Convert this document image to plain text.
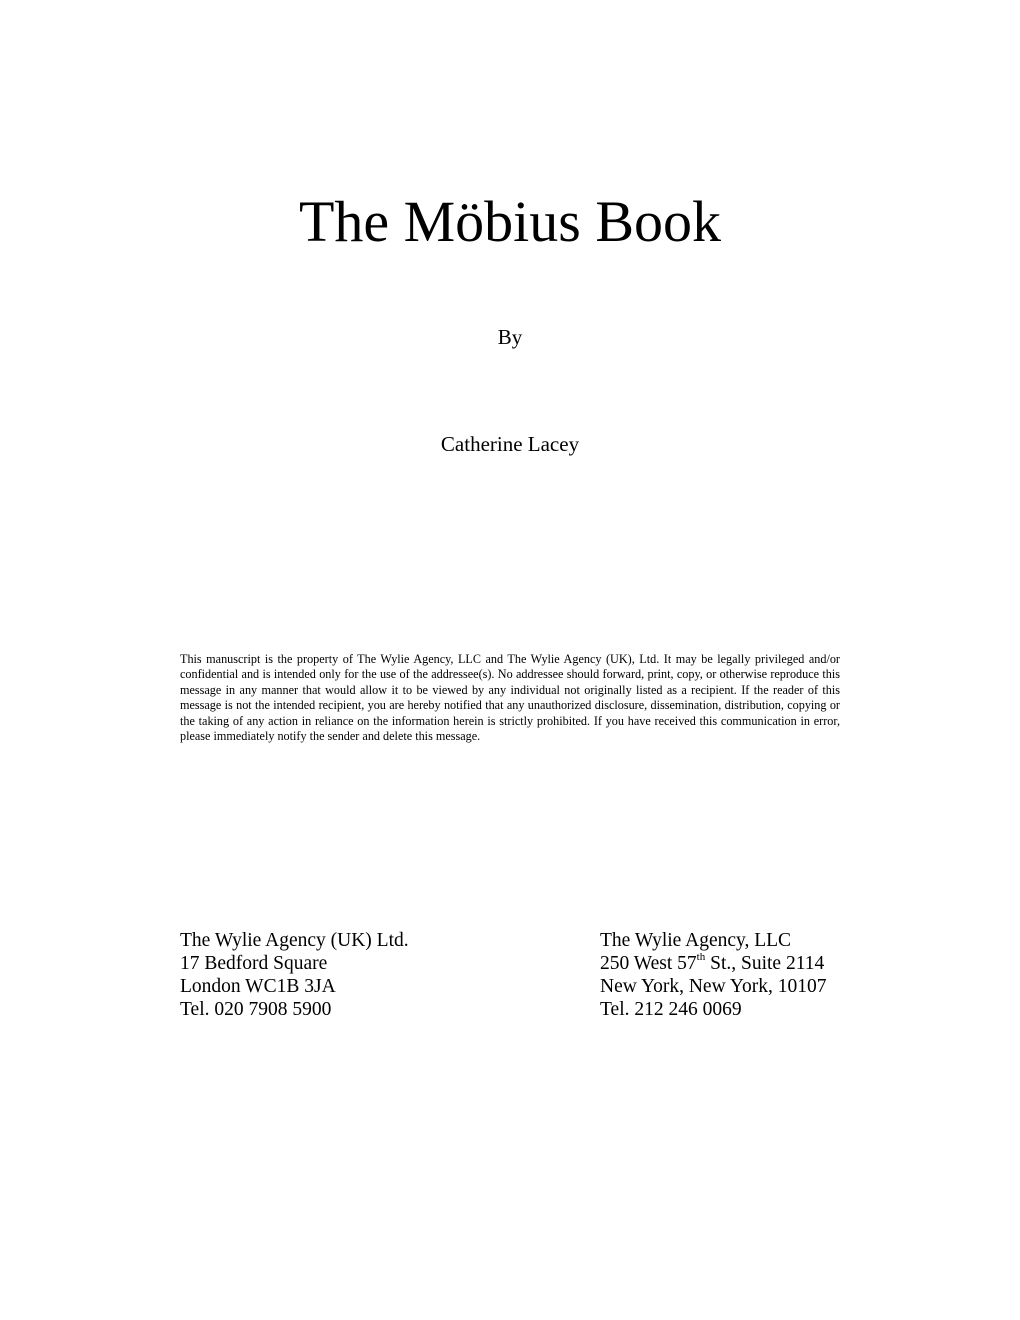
The Möbius Book
By
Catherine Lacey

This manuscript is the property of The Wylie Agency, LLC and The Wylie Agency (UK), Ltd. It may be legally privileged and/or confidential and is intended only for the use of the addressee(s). No addressee should forward, print, copy, or otherwise reproduce this message in any manner that would allow it to be viewed by any individual not originally listed as a recipient. If the reader of this message is not the intended recipient, you are hereby notified that any unauthorized disclosure, dissemination, distribution, copying or the taking of any action in reliance on the information herein is strictly prohibited. If you have received this communication in error, please immediately notify the sender and delete this message.

The Wylie Agency (UK) Ltd.
17 Bedford Square
London WC1B 3JA
Tel. 020 7908 5900
The Wylie Agency, LLC
250 West 57th St., Suite 2114
New York, New York, 10107
Tel. 212 246 0069
